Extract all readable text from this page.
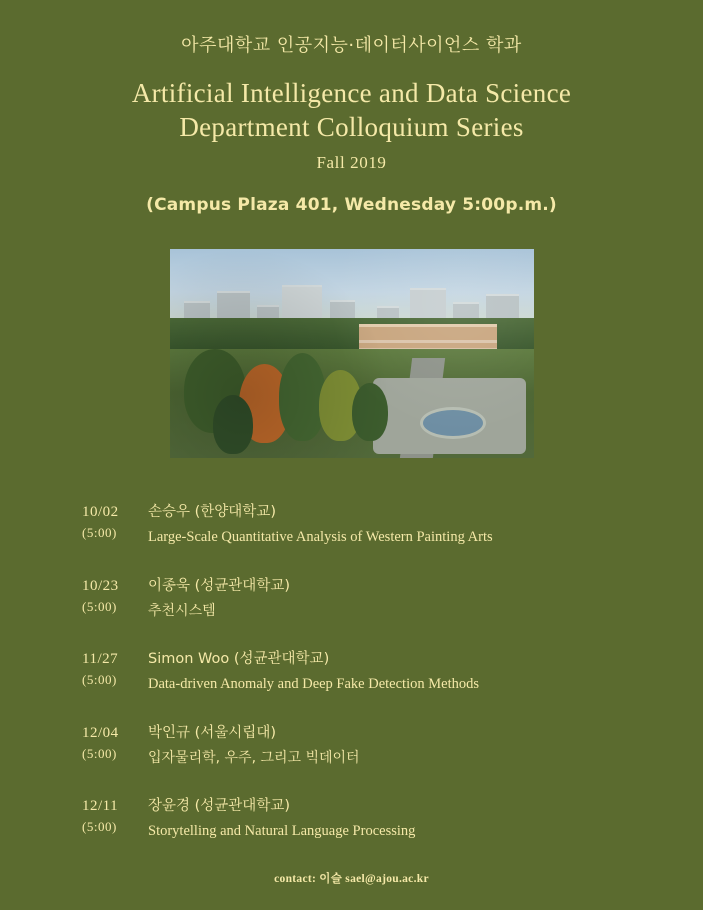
아주대학교 인공지능·데이터사이언스 학과
Artificial Intelligence and Data Science
Department Colloquium Series
Fall 2019
(Campus Plaza 401, Wednesday 5:00p.m.)
10/02
(5:00)
손승우 (한양대학교)
Large-Scale Quantitative Analysis of Western Painting Arts
10/23
(5:00)
이종욱 (성균관대학교)
추천시스템
11/27
(5:00)
Simon Woo (성균관대학교)
Data-driven Anomaly and Deep Fake Detection Methods
12/04
(5:00)
박인규 (서울시립대)
입자물리학, 우주, 그리고 빅데이터
12/11
(5:00)
장윤경 (성균관대학교)
Storytelling and Natural Language Processing
contact: 이슬 sael@ajou.ac.kr
